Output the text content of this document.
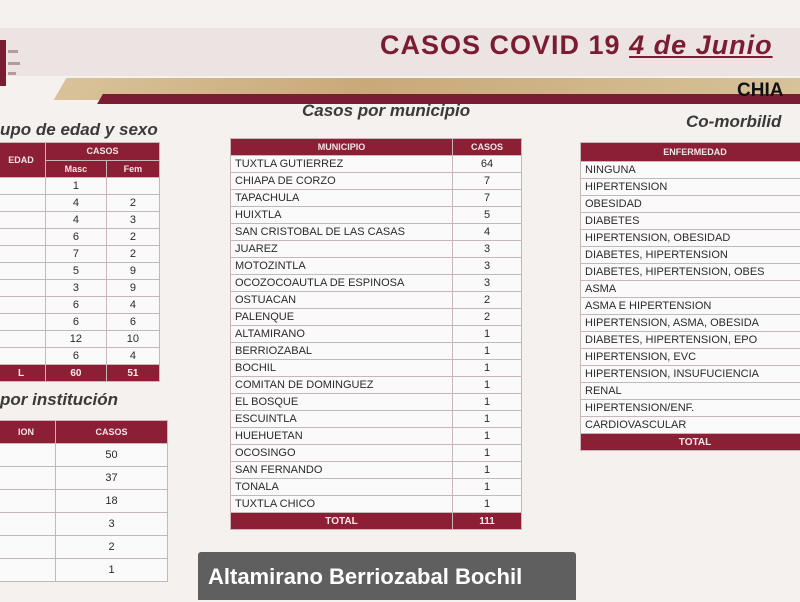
CASOS COVID 19 4 de Junio
CHIA
upo de edad y sexo
EDAD	CASOS	
	Masc	Fem
	1	
	4	2
	4	3
	6	2
	7	2
	5	9
	3	9
	6	4
	6	6
	12	10
	6	4
L	60	51
por institución
ION	CASOS
	50
	37
	18
	3
	2
	1
Casos por municipio
MUNICIPIO	CASOS
TUXTLA GUTIERREZ	64
CHIAPA DE CORZO	7
TAPACHULA	7
HUIXTLA	5
SAN CRISTOBAL DE LAS CASAS	4
JUAREZ	3
MOTOZINTLA	3
OCOZOCOAUTLA DE ESPINOSA	3
OSTUACAN	2
PALENQUE	2
ALTAMIRANO	1
BERRIOZABAL	1
BOCHIL	1
COMITAN DE DOMINGUEZ	1
EL BOSQUE	1
ESCUINTLA	1
HUEHUETAN	1
OCOSINGO	1
SAN FERNANDO	1
TONALA	1
TUXTLA CHICO	1
TOTAL	111
Co-morbilid
ENFERMEDAD
NINGUNA
HIPERTENSION
OBESIDAD
DIABETES
HIPERTENSION, OBESIDAD
DIABETES, HIPERTENSION
DIABETES, HIPERTENSION, OBES
ASMA
ASMA E HIPERTENSION
HIPERTENSION, ASMA, OBESIDA
DIABETES, HIPERTENSION, EPO
HIPERTENSION, EVC
HIPERTENSION, INSUFUCIENCIA
RENAL
HIPERTENSION/ENF.
CARDIOVASCULAR
TOTAL
Altamirano Berriozabal Bochil
